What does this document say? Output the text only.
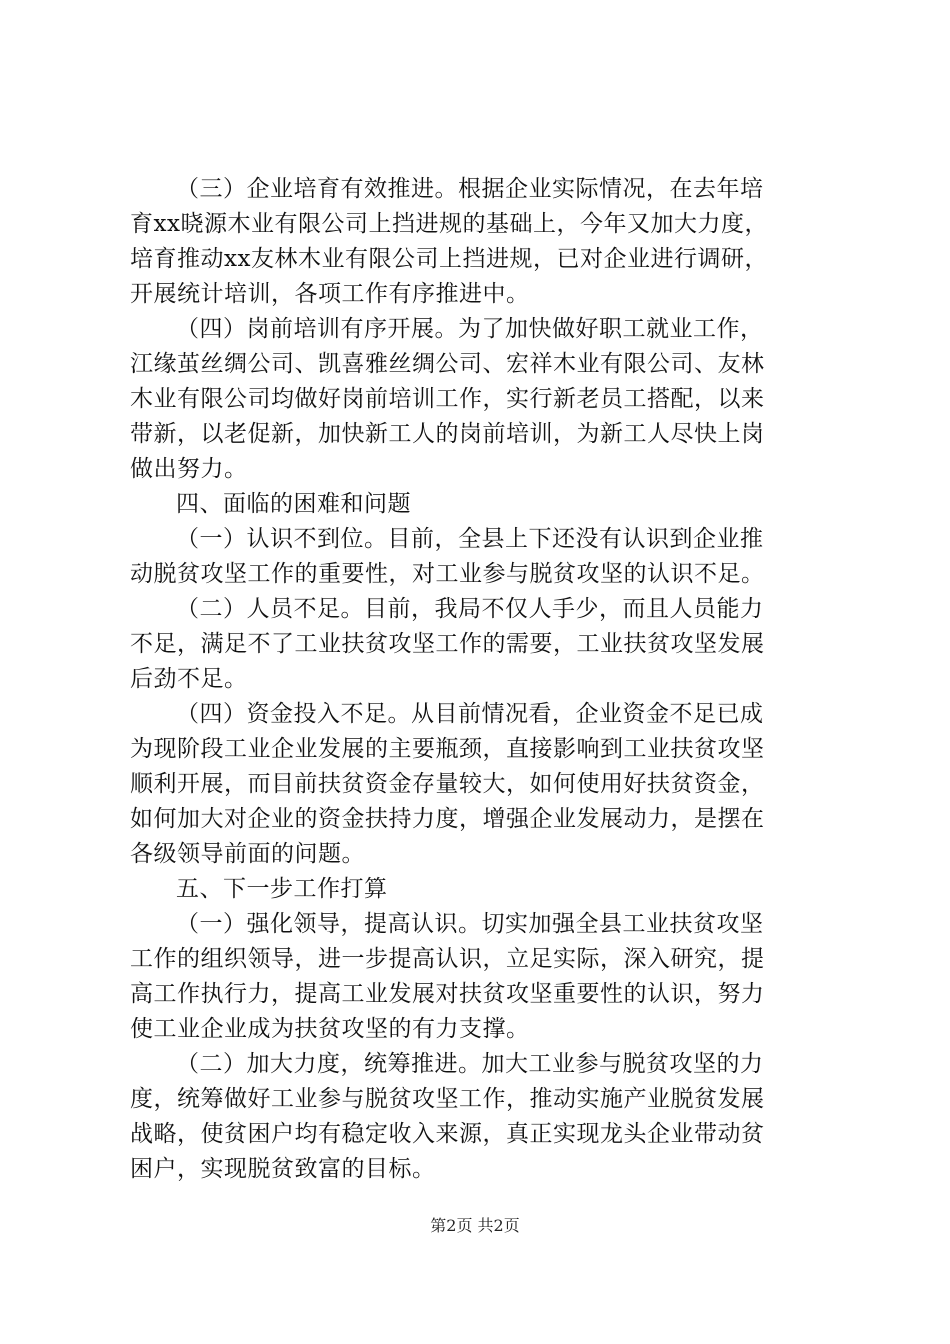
（三）企业培育有效推进。根据企业实际情况，在去年培
育xx晓源木业有限公司上挡进规的基础上，今年又加大力度，
培育推动xx友林木业有限公司上挡进规，已对企业进行调研，
开展统计培训，各项工作有序推进中。
（四）岗前培训有序开展。为了加快做好职工就业工作，
江缘茧丝绸公司、凯喜雅丝绸公司、宏祥木业有限公司、友林
木业有限公司均做好岗前培训工作，实行新老员工搭配，以来
带新，以老促新，加快新工人的岗前培训，为新工人尽快上岗
做出努力。
四、面临的困难和问题
（一）认识不到位。目前，全县上下还没有认识到企业推
动脱贫攻坚工作的重要性，对工业参与脱贫攻坚的认识不足。
（二）人员不足。目前，我局不仅人手少，而且人员能力
不足，满足不了工业扶贫攻坚工作的需要，工业扶贫攻坚发展
后劲不足。
（四）资金投入不足。从目前情况看，企业资金不足已成
为现阶段工业企业发展的主要瓶颈，直接影响到工业扶贫攻坚
顺利开展，而目前扶贫资金存量较大，如何使用好扶贫资金，
如何加大对企业的资金扶持力度，增强企业发展动力，是摆在
各级领导前面的问题。
五、下一步工作打算
（一）强化领导，提高认识。切实加强全县工业扶贫攻坚
工作的组织领导，进一步提高认识，立足实际，深入研究，提
高工作执行力，提高工业发展对扶贫攻坚重要性的认识，努力
使工业企业成为扶贫攻坚的有力支撑。
（二）加大力度，统筹推进。加大工业参与脱贫攻坚的力
度，统筹做好工业参与脱贫攻坚工作，推动实施产业脱贫发展
战略，使贫困户均有稳定收入来源，真正实现龙头企业带动贫
困户，实现脱贫致富的目标。
第2页 共2页
